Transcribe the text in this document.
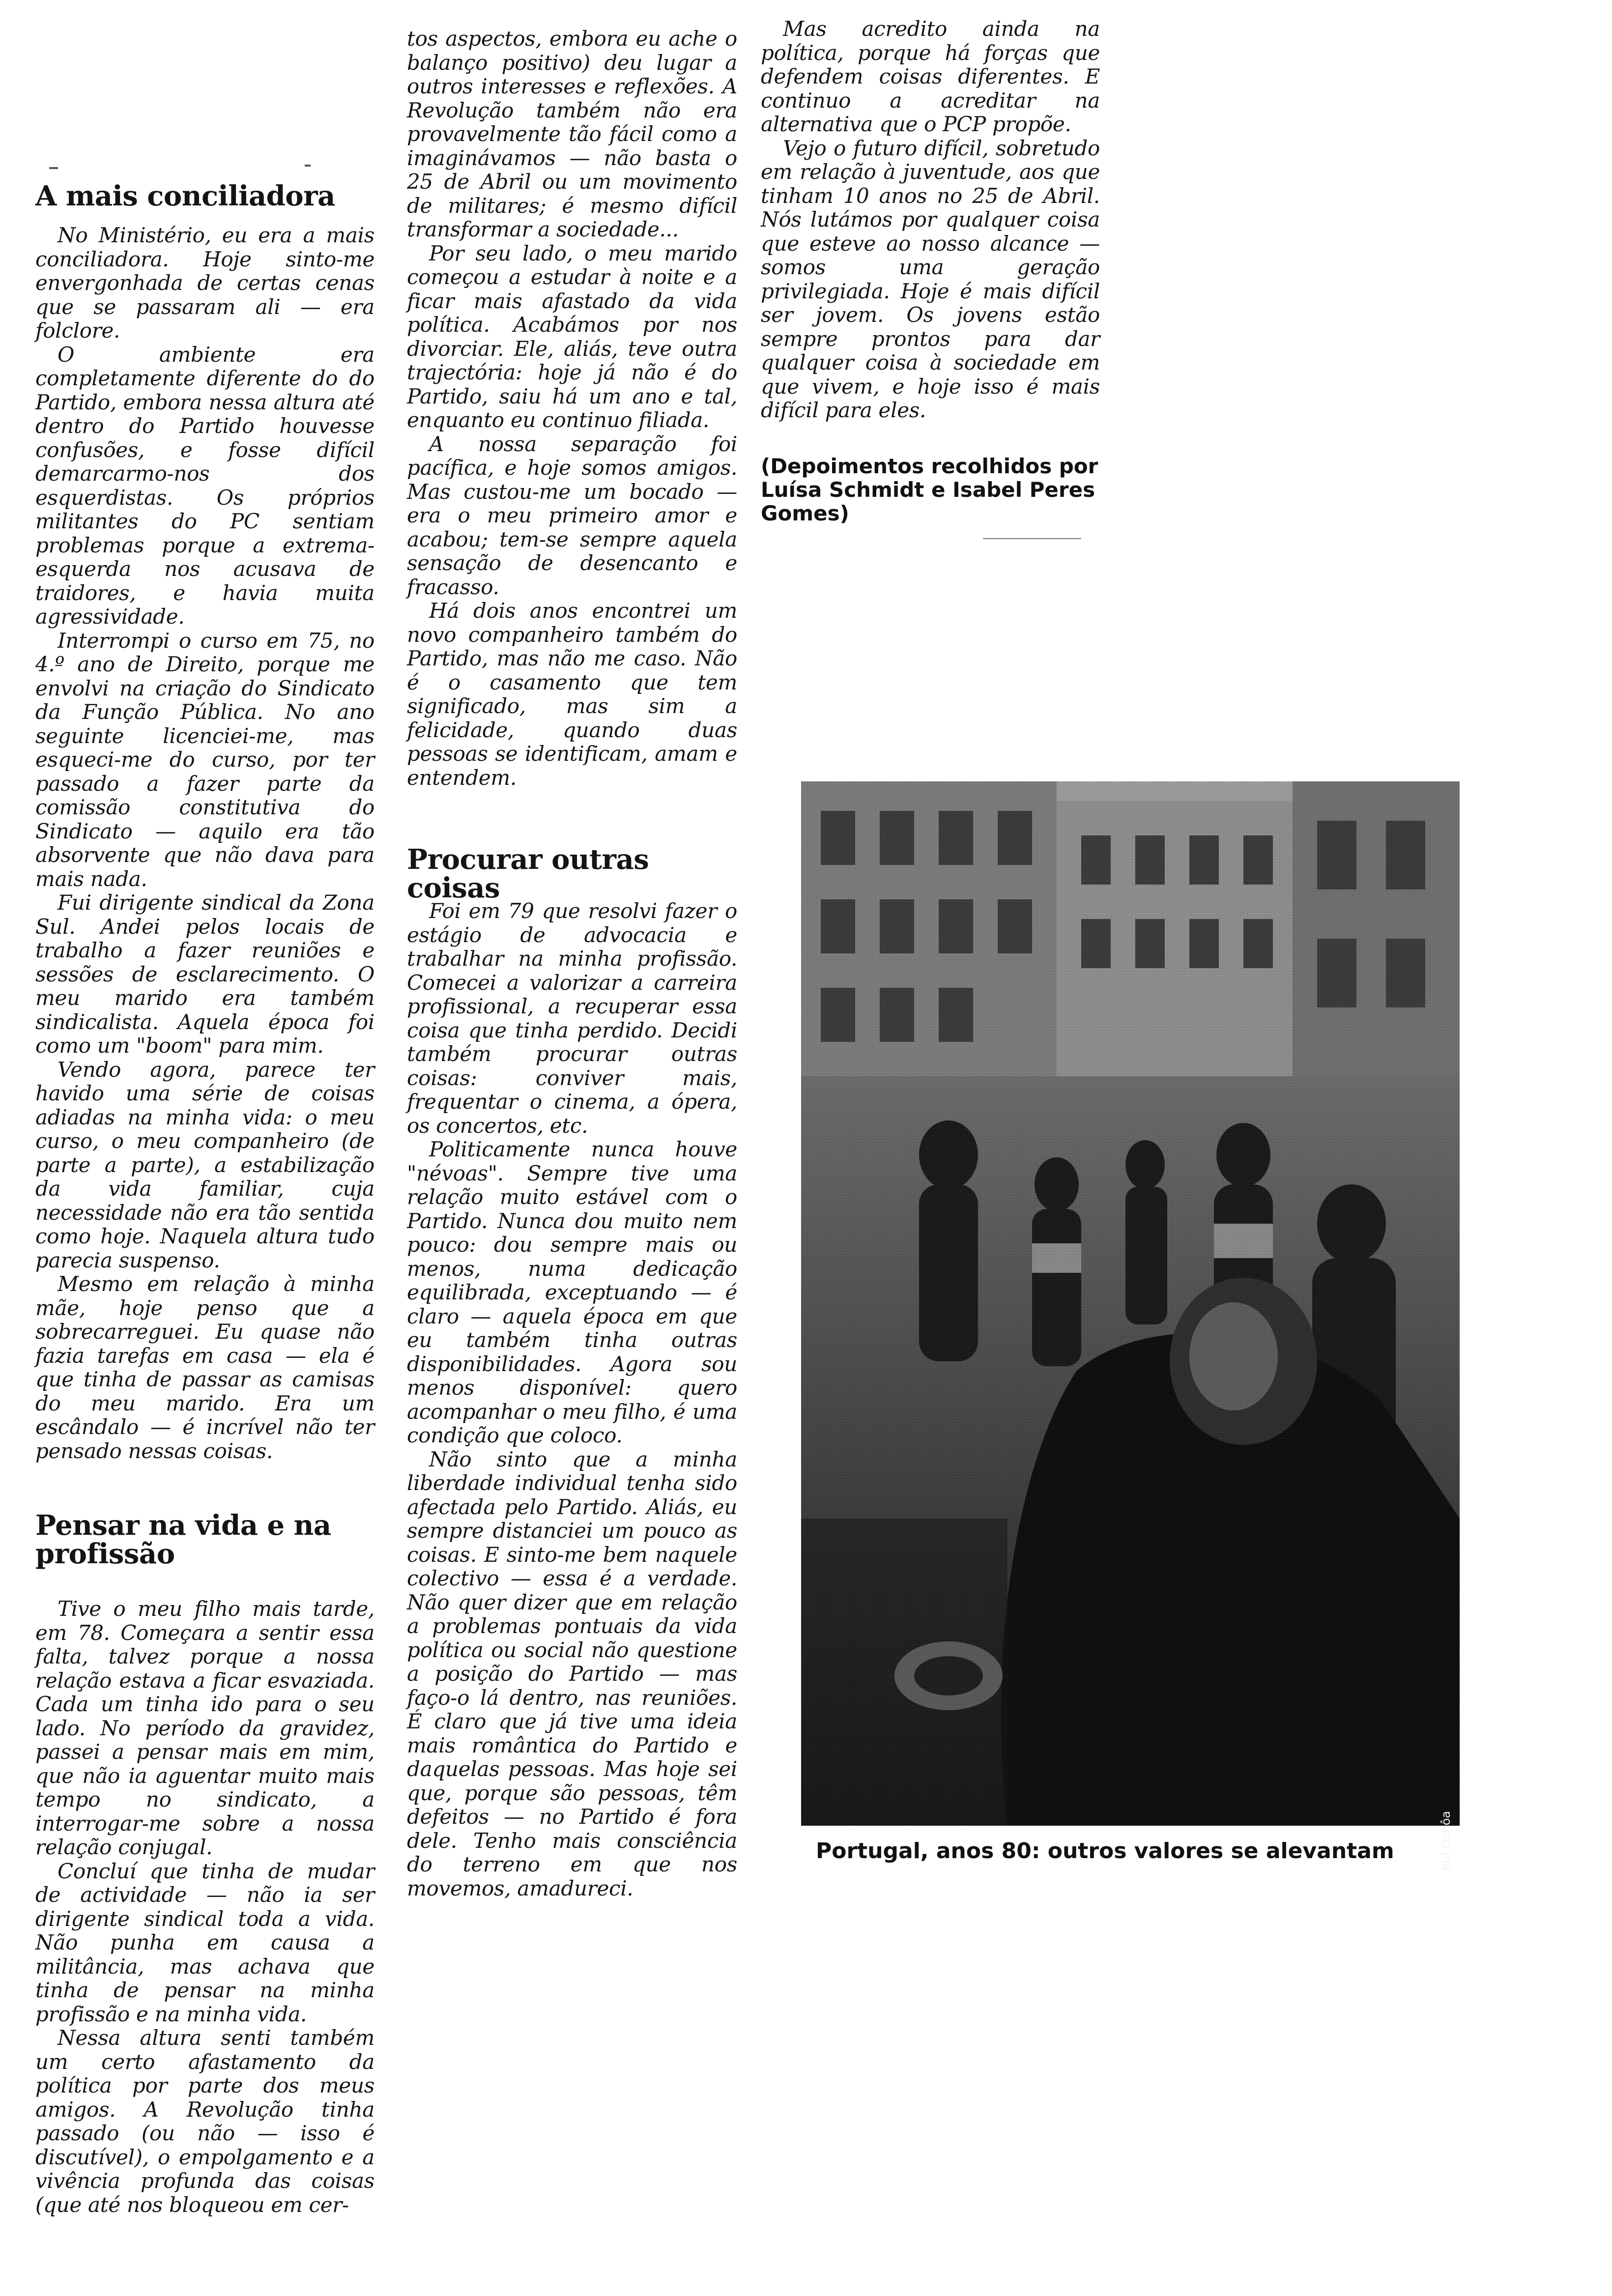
A mais conciliadora

No Ministério, eu era a mais conciliadora. Hoje sinto-me envergonhada de certas cenas que se passaram ali — era folclore.

O ambiente era completamente diferente do do Partido, embora nessa altura até dentro do Partido houvesse confusões, e fosse difícil demarcarmo-nos dos esquerdistas. Os próprios militantes do PC sentiam problemas porque a extrema-esquerda nos acusava de traidores, e havia muita agressividade.

Interrompi o curso em 75, no 4.º ano de Direito, porque me envolvi na criação do Sindicato da Função Pública. No ano seguinte licenciei-me, mas esqueci-me do curso, por ter passado a fazer parte da comissão constitutiva do Sindicato — aquilo era tão absorvente que não dava para mais nada.

Fui dirigente sindical da Zona Sul. Andei pelos locais de trabalho a fazer reuniões e sessões de esclarecimento. O meu marido era também sindicalista. Aquela época foi como um "boom" para mim.

Vendo agora, parece ter havido uma série de coisas adiadas na minha vida: o meu curso, o meu companheiro (de parte a parte), a estabilização da vida familiar, cuja necessidade não era tão sentida como hoje. Naquela altura tudo parecia suspenso.

Mesmo em relação à minha mãe, hoje penso que a sobrecarreguei. Eu quase não fazia tarefas em casa — ela é que tinha de passar as camisas do meu marido. Era um escândalo — é incrível não ter pensado nessas coisas.

Pensar na vida e na profissão

Tive o meu filho mais tarde, em 78. Começara a sentir essa falta, talvez porque a nossa relação estava a ficar esvaziada. Cada um tinha ido para o seu lado. No período da gravidez, passei a pensar mais em mim, que não ia aguentar muito mais tempo no sindicato, a interrogar-me sobre a nossa relação conjugal.

Concluí que tinha de mudar de actividade — não ia ser dirigente sindical toda a vida. Não punha em causa a militância, mas achava que tinha de pensar na minha profissão e na minha vida.

Nessa altura senti também um certo afastamento da política por parte dos meus amigos. A Revolução tinha passado (ou não — isso é discutível), o empolgamento e a vivência profunda das coisas (que até nos bloqueou em cer-

tos aspectos, embora eu ache o balanço positivo) deu lugar a outros interesses e reflexões. A Revolução também não era provavelmente tão fácil como a imaginávamos — não basta o 25 de Abril ou um movimento de militares; é mesmo difícil transformar a sociedade...

Por seu lado, o meu marido começou a estudar à noite e a ficar mais afastado da vida política. Acabámos por nos divorciar. Ele, aliás, teve outra trajectória: hoje já não é do Partido, saiu há um ano e tal, enquanto eu continuo filiada.

A nossa separação foi pacífica, e hoje somos amigos. Mas custou-me um bocado — era o meu primeiro amor e acabou; tem-se sempre aquela sensação de desencanto e fracasso.

Há dois anos encontrei um novo companheiro também do Partido, mas não me caso. Não é o casamento que tem significado, mas sim a felicidade, quando duas pessoas se identificam, amam e entendem.

Procurar outras coisas

Foi em 79 que resolvi fazer o estágio de advocacia e trabalhar na minha profissão. Comecei a valorizar a carreira profissional, a recuperar essa coisa que tinha perdido. Decidi também procurar outras coisas: conviver mais, frequentar o cinema, a ópera, os concertos, etc.

Politicamente nunca houve "névoas". Sempre tive uma relação muito estável com o Partido. Nunca dou muito nem pouco: dou sempre mais ou menos, numa dedicação equilibrada, exceptuando — é claro — aquela época em que eu também tinha outras disponibilidades. Agora sou menos disponível: quero acompanhar o meu filho, é uma condição que coloco.

Não sinto que a minha liberdade individual tenha sido afectada pelo Partido. Aliás, eu sempre distanciei um pouco as coisas. E sinto-me bem naquele colectivo — essa é a verdade. Não quer dizer que em relação a problemas pontuais da vida política ou social não questione a posição do Partido — mas faço-o lá dentro, nas reuniões. É claro que já tive uma ideia mais romântica do Partido e daquelas pessoas. Mas hoje sei que, porque são pessoas, têm defeitos — no Partido é fora dele. Tenho mais consciência do terreno em que nos movemos, amadureci.

Mas acredito ainda na política, porque há forças que defendem coisas diferentes. E continuo a acreditar na alternativa que o PCP propõe.

Vejo o futuro difícil, sobretudo em relação à juventude, aos que tinham 10 anos no 25 de Abril. Nós lutámos por qualquer coisa que esteve ao nosso alcance — somos uma geração privilegiada. Hoje é mais difícil ser jovem. Os jovens estão sempre prontos para dar qualquer coisa à sociedade em que vivem, e hoje isso é mais difícil para eles.

(Depoimentos recolhidos por Luísa Schmidt e Isabel Peres Gomes)
Rui Ochôa
Portugal, anos 80: outros valores se alevantam
